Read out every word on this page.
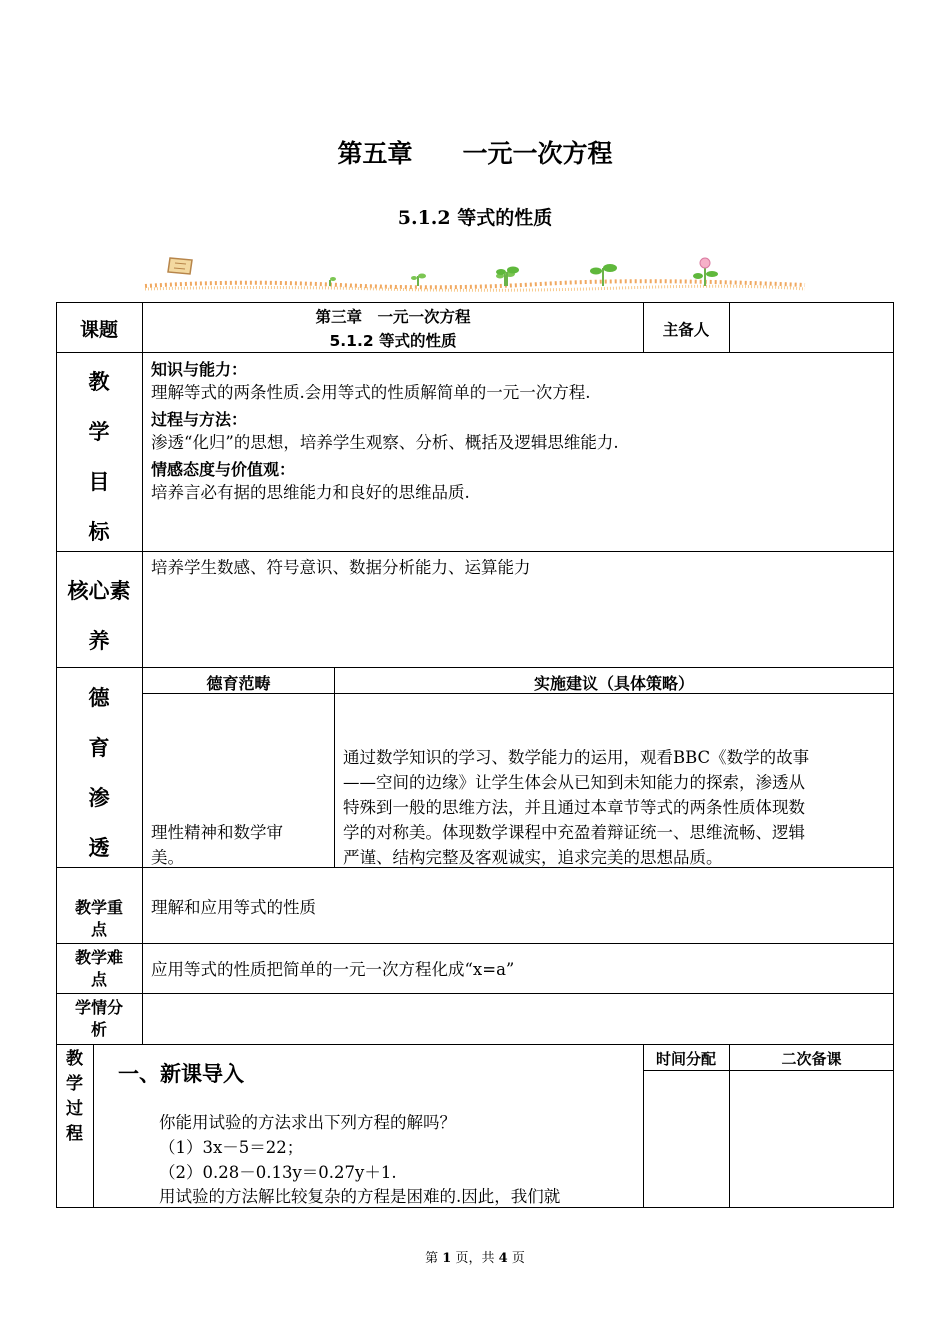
第五章　　一元一次方程
5.1.2 等式的性质
课题
第三章　一元一次方程
5.1.2 等式的性质
主备人
教
学
目
标
知识与能力：
理解等式的两条性质.会用等式的性质解简单的一元一次方程.
过程与方法：
渗透“化归”的思想，培养学生观察、分析、概括及逻辑思维能力.
情感态度与价值观：
培养言必有据的思维能力和良好的思维品质.
核心素
养
培养学生数感、符号意识、数据分析能力、运算能力
德
育
渗
透
德育范畴	实施建议（具体策略）
理性精神和数学审
美。
通过数学知识的学习、数学能力的运用，观看BBC《数学的故事
——空间的边缘》让学生体会从已知到未知能力的探索，渗透从
特殊到一般的思维方法，并且通过本章节等式的两条性质体现数
学的对称美。体现数学课程中充盈着辩证统一、思维流畅、逻辑
严谨、结构完整及客观诚实，追求完美的思想品质。
教学重
点
理解和应用等式的性质
教学难
点
应用等式的性质把简单的一元一次方程化成“x=a”
学情分
析
教
学
过
程
一、新课导入
时间分配	二次备课
你能用试验的方法求出下列方程的解吗？
（1）3x－5＝22；
（2）0.28－0.13y＝0.27y＋1.
用试验的方法解比较复杂的方程是困难的.因此，我们就
第 1 页，共 4 页
